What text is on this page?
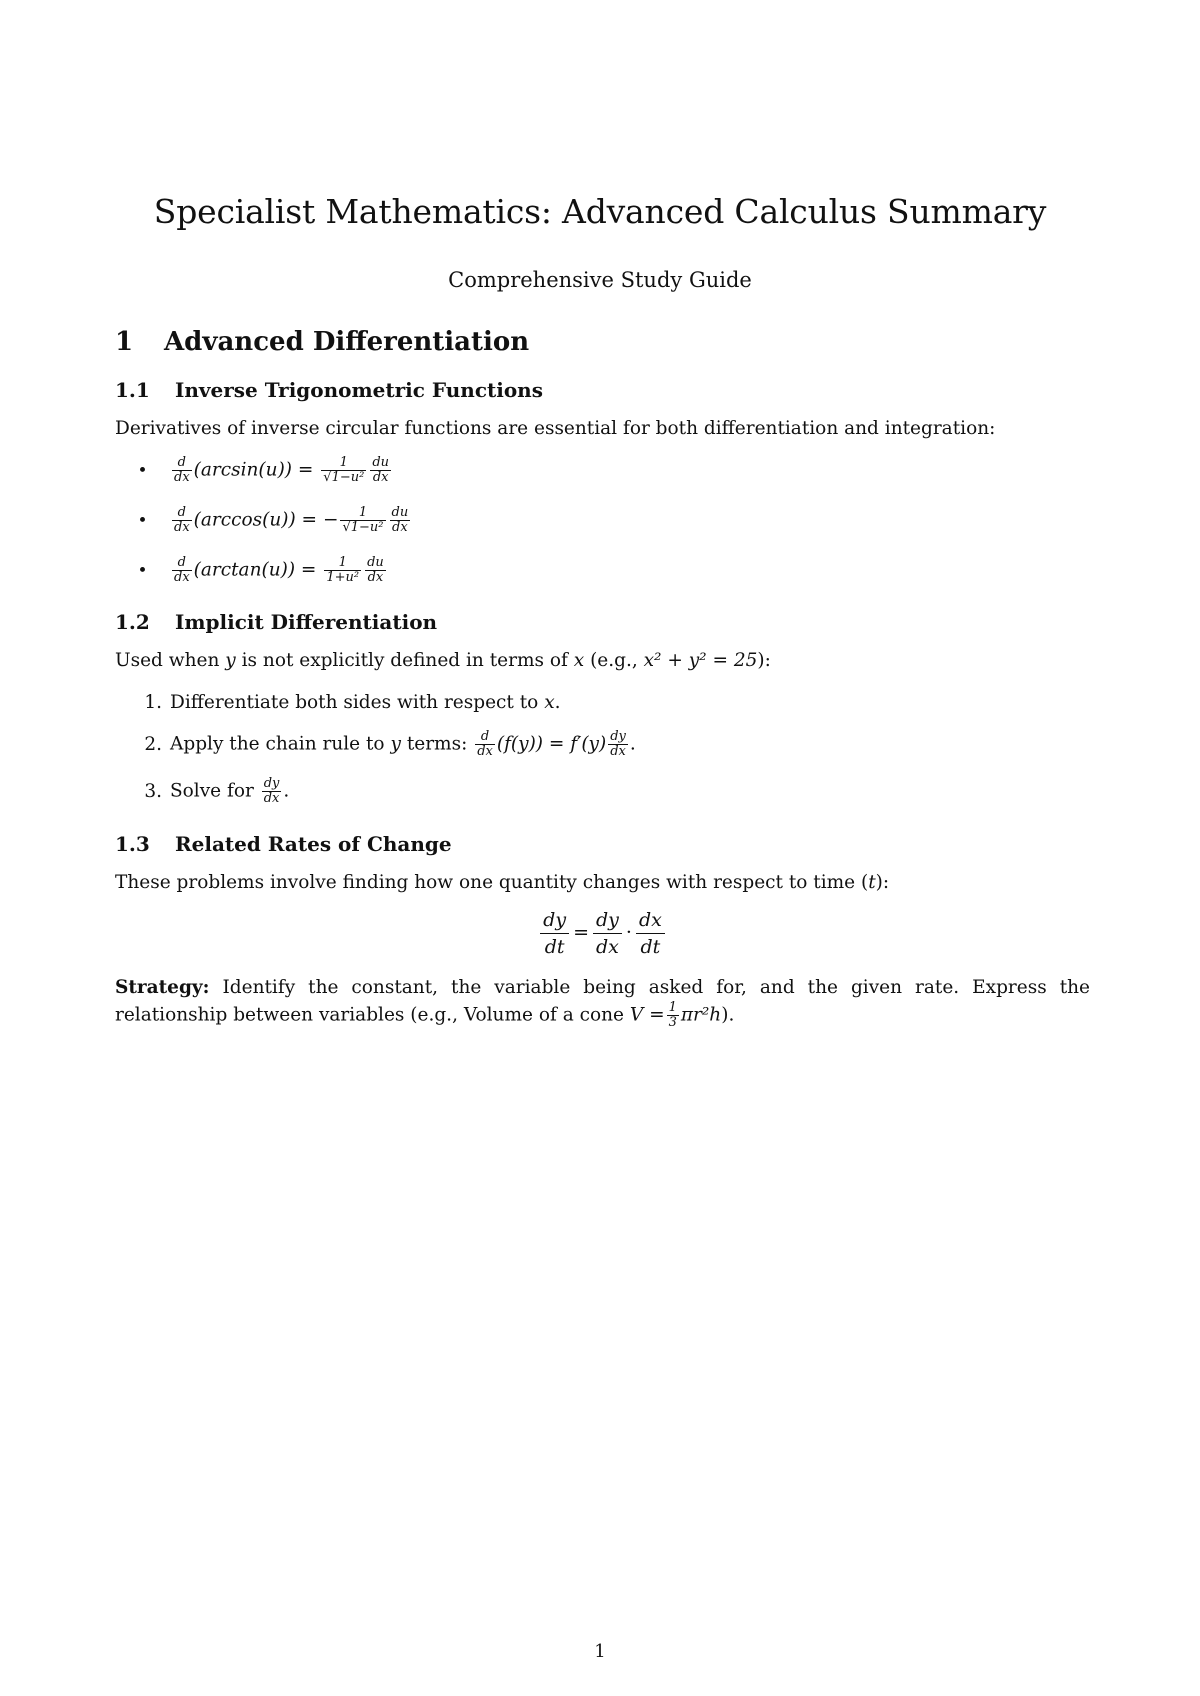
Specialist Mathematics: Advanced Calculus Summary
Comprehensive Study Guide
1 Advanced Differentiation
1.1 Inverse Trigonometric Functions

Derivatives of inverse circular functions are essential for both differentiation and integration:

• $\frac{d}{dx} (\arcsin(u)) = \frac{1}{\text{√1−u²}} \frac{du}{dx}$
• $\frac{d}{dx} (\arccos(u))$ = − $\frac{1}{\text{√1−u²}} \frac{du}{dx}$
• $\frac{d}{dx} (\arctan(u)) = \frac{1}{\text{1+u²}} \frac{du}{dx}$
1.2 Implicit Differentiation

Used when y is not explicitly defined in terms of x (e.g., x² + y² = 25):

1. Differentiate both sides with respect to x.
2. Apply the chain rule to y terms: $\frac{d}{dx} (f(y)) = f'(y) \frac{dy}{dx}$ .
3. Solve for $\frac{dy}{dx}$ .
1.3 Related Rates of Change

These problems involve finding how one quantity changes with respect to time (t):

$\frac{dy}{dt} = \frac{dy}{dx} \cdot \frac{dx}{dt}$

Strategy: Identify the constant, the variable being asked for, and the given rate. Express the relationship between variables (e.g., Volume of a cone $V = \frac{1}{3} \pi r^2h$).

1
